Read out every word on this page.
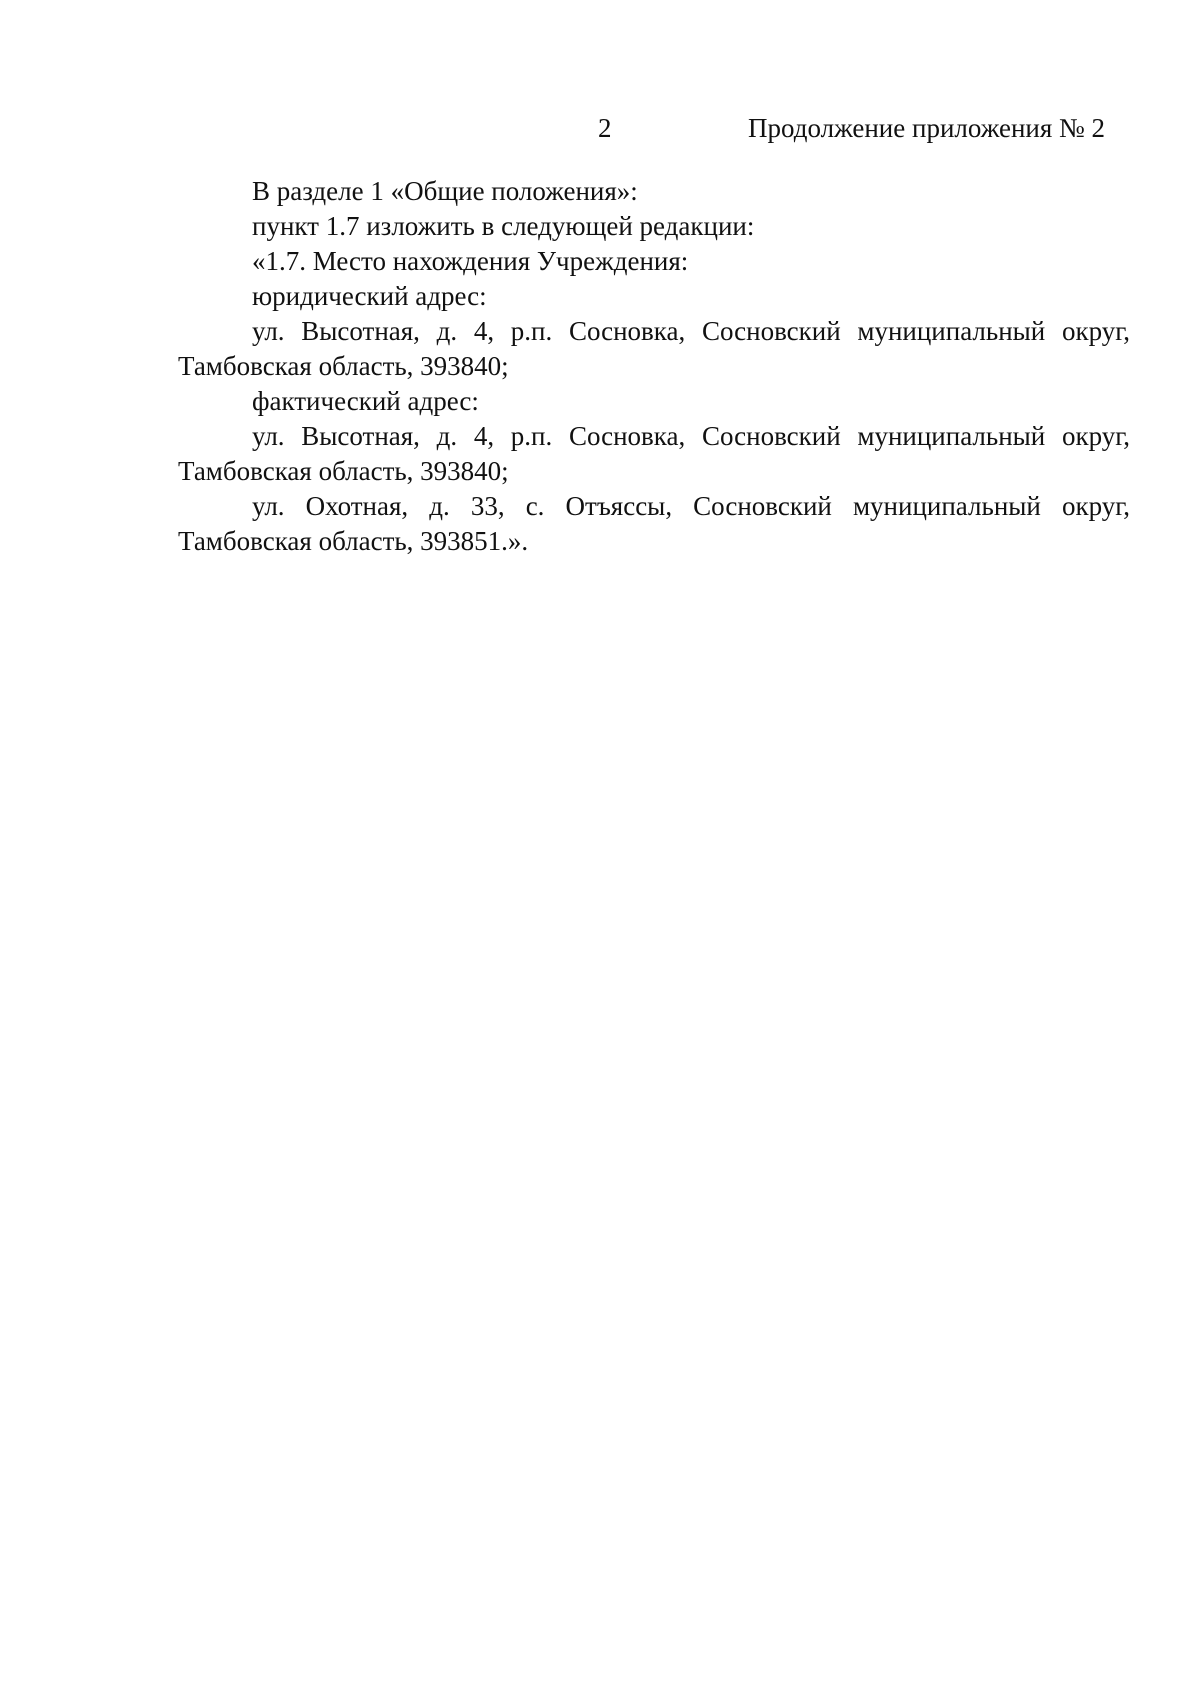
2	Продолжение приложения № 2

В разделе 1 «Общие положения»:

пункт 1.7 изложить в следующей редакции:

«1.7. Место нахождения Учреждения:

юридический адрес:

ул. Высотная, д. 4, р.п. Сосновка, Сосновский муниципальный округ, Тамбовская область, 393840;

фактический адрес:

ул. Высотная, д. 4, р.п. Сосновка, Сосновский муниципальный округ, Тамбовская область, 393840;

ул. Охотная, д. 33, с. Отъяссы, Сосновский муниципальный округ, Тамбовская область, 393851.».
